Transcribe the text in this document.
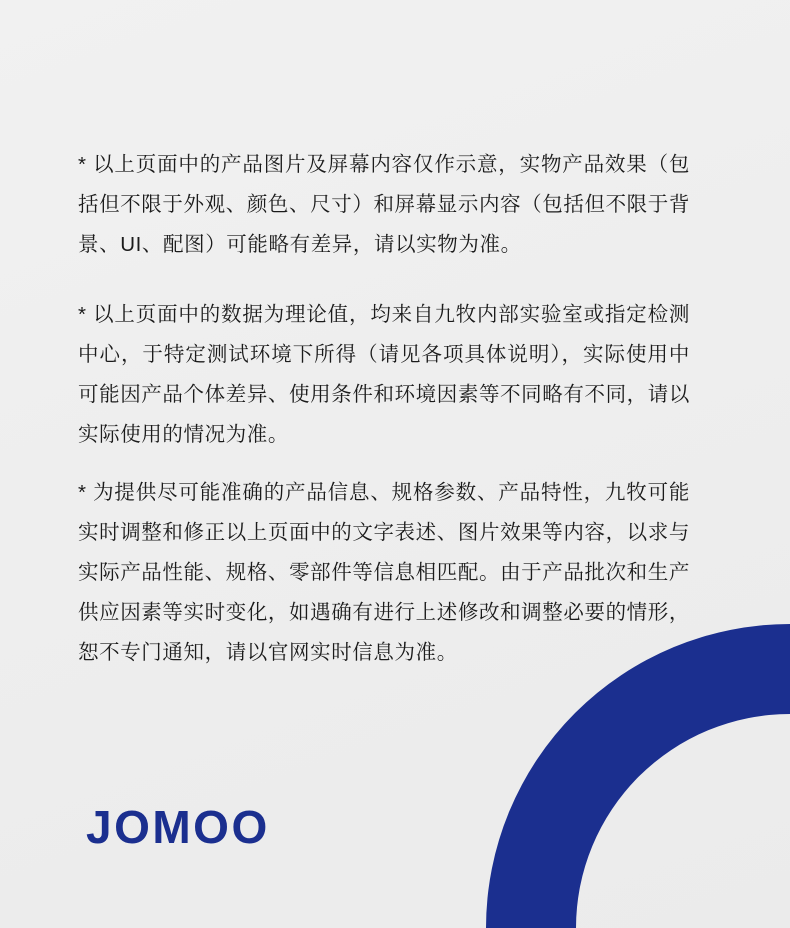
* 以上页面中的产品图片及屏幕内容仅作示意，实物产品效果（包括但不限于外观、颜色、尺寸）和屏幕显示内容（包括但不限于背景、UI、配图）可能略有差异，请以实物为准。

* 以上页面中的数据为理论值，均来自九牧内部实验室或指定检测中心，于特定测试环境下所得（请见各项具体说明），实际使用中可能因产品个体差异、使用条件和环境因素等不同略有不同，请以实际使用的情况为准。

* 为提供尽可能准确的产品信息、规格参数、产品特性，九牧可能实时调整和修正以上页面中的文字表述、图片效果等内容，以求与实际产品性能、规格、零部件等信息相匹配。由于产品批次和生产供应因素等实时变化，如遇确有进行上述修改和调整必要的情形，恕不专门通知，请以官网实时信息为准。

JOMOO
